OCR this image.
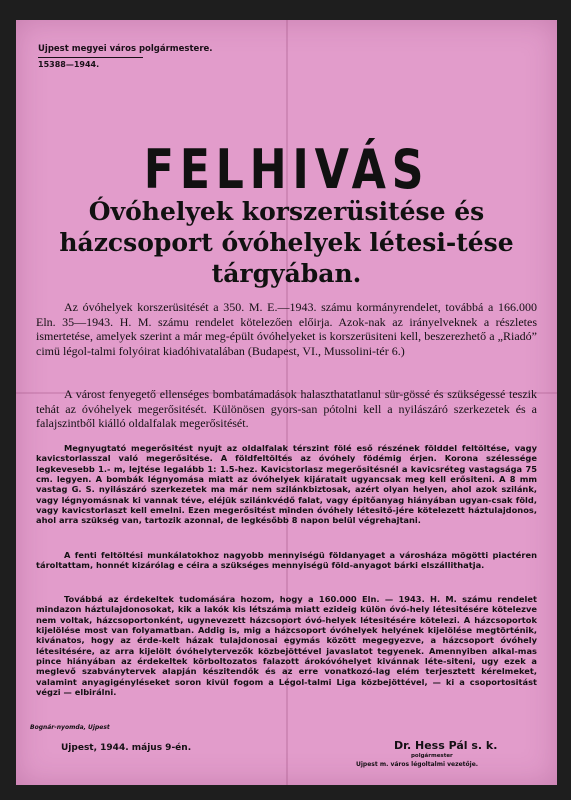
Ujpest megyei város polgármestere.
15388—1944.
FELHIVÁS
Óvóhelyek korszerüsitése és házcsoport óvóhelyek létesi-tése tárgyában.
Az óvóhelyek korszerüsitését a 350. M. E.—1943. számu kormányrendelet, továbbá a 166.000 Eln. 35—1943. H. M. számu rendelet kötelezően előirja. Azok-nak az irányelveknek a részletes ismertetése, amelyek szerint a már meg-épült óvóhelyeket is korszerüsiteni kell, beszerezhető a „Riadó” cimü légol-talmi folyóirat kiadóhivatalában (Budapest, VI., Mussolini-tér 6.)
A várost fenyegető ellenséges bombatámadások halaszthatatlanul sür-gössé és szükségessé teszik tehát az óvóhelyek megerősitését. Különösen gyors-san pótolni kell a nyilászáró szerkezetek és a falajszintből kiálló oldalfalak megerősitését.
Megnyugtató megerősitést nyujt az oldalfalak térszint fölé eső részének földdel feltöltése, vagy kavicstorlasszal való megerősitése. A földfeltöltés az óvóhely födémig érjen. Korona szélessége legkevesebb 1.- m, lejtése legalább 1: 1.5-hez. Kavicstorlasz megerősitésnél a kavicsréteg vastagsága 75 cm. legyen. A bombák légnyomása miatt az óvóhelyek kijáratait ugyancsak meg kell erősiteni. A 8 mm vastag G. S. nyilászáró szerkezetek ma már nem szilánkbiztosak, azért olyan helyen, ahol azok szilánk, vagy légnyomásnak ki vannak téve, eléjük szilánkvédő falat, vagy épitőanyag hiányában ugyan-csak föld, vagy kavicstorlaszt kell emelni. Ezen megerősitést minden óvóhely létesitő-jére kötelezett háztulajdonos, ahol arra szükség van, tartozik azonnal, de legkésőbb 8 napon belül végrehajtani.
A fenti feltöltési munkálatokhoz nagyobb mennyiségü földanyaget a városháza mögötti piactéren tároltattam, honnét kizárólag e céira a szükséges mennyiségü föld-anyagot bárki elszállithatja.
Továbbá az érdekeltek tudomására hozom, hogy a 160.000 Eln. — 1943. H. M. számu rendelet mindazon háztulajdonosokat, kik a lakók kis létszáma miatt ezideig külön óvó-hely létesitésére kötelezve nem voltak, házcsoportonként, ugynevezett házcsoport óvó-helyek létesitésére kötelezi. A házcsoportok kijelölése most van folyamatban. Addig is, mig a házcsoport óvóhelyek helyének kijelölése megtörténik, kivánatos, hogy az érde-kelt házak tulajdonosai egymás között megegyezve, a házcsoport óvóhely létesitésére, az arra kijelölt óvóhelytervezők közbejöttével javaslatot tegyenek. Amennyiben alkal-mas pince hiányában az érdekeltek körboltozatos falazott árokóvóhelyet kivánnak léte-siteni, ugy ezek a meglevő szabványtervek alapján készitendők és az erre vonatkozó-lag elém terjesztett kérelmeket, valamint anyagigényléseket soron kivül fogom a Légol-talmi Liga közbejöttével, — ki a csoportositást végzi — elbirálni.
Ujpest, 1944. május 9-én.	Dr. Hess Pál s. k.
polgármester
Ujpest m. város légoltalmi vezetője.
Bognár-nyomda, Ujpest
